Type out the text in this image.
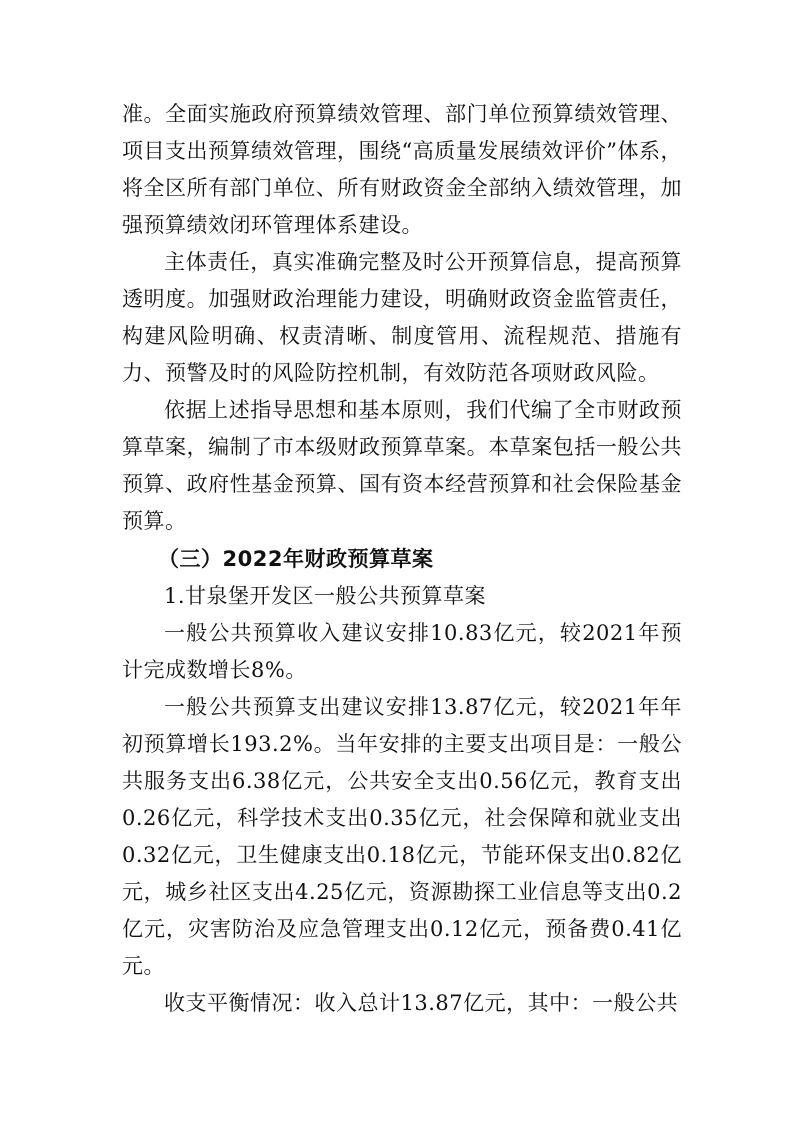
准。全面实施政府预算绩效管理、部门单位预算绩效管理、项目支出预算绩效管理，围绕“高质量发展绩效评价”体系，将全区所有部门单位、所有财政资金全部纳入绩效管理，加强预算绩效闭环管理体系建设。

主体责任，真实准确完整及时公开预算信息，提高预算透明度。加强财政治理能力建设，明确财政资金监管责任，构建风险明确、权责清晰、制度管用、流程规范、措施有力、预警及时的风险防控机制，有效防范各项财政风险。

依据上述指导思想和基本原则，我们代编了全市财政预算草案，编制了市本级财政预算草案。本草案包括一般公共预算、政府性基金预算、国有资本经营预算和社会保险基金预算。

（三）2022年财政预算草案

1.甘泉堡开发区一般公共预算草案

一般公共预算收入建议安排10.83亿元，较2021年预计完成数增长8%。

一般公共预算支出建议安排13.87亿元，较2021年年初预算增长193.2%。当年安排的主要支出项目是：一般公共服务支出6.38亿元，公共安全支出0.56亿元，教育支出0.26亿元，科学技术支出0.35亿元，社会保障和就业支出0.32亿元，卫生健康支出0.18亿元，节能环保支出0.82亿元，城乡社区支出4.25亿元，资源勘探工业信息等支出0.2亿元，灾害防治及应急管理支出0.12亿元，预备费0.41亿元。

收支平衡情况：收入总计13.87亿元，其中：一般公共
